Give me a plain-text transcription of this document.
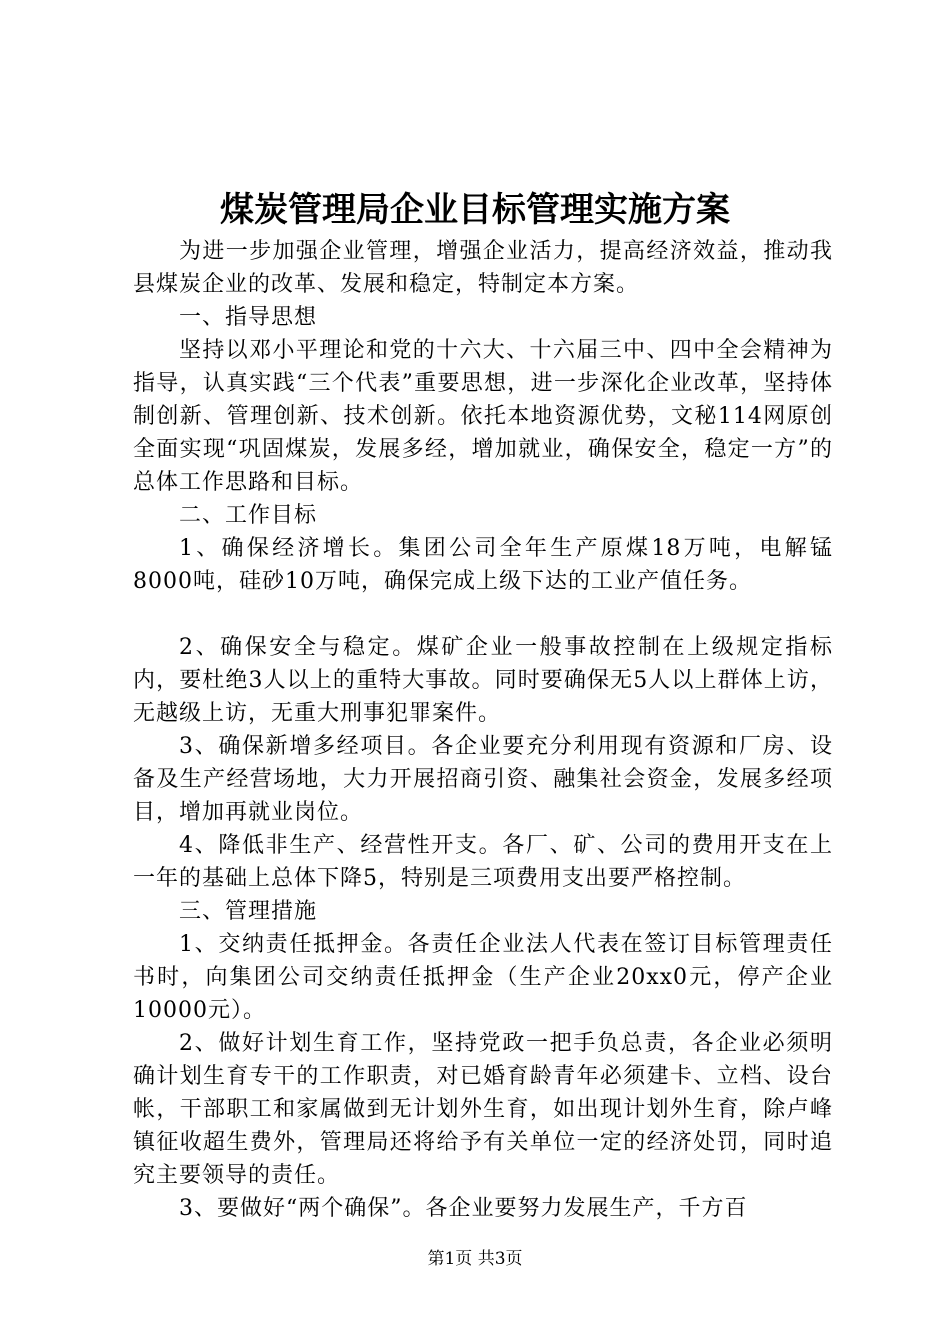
煤炭管理局企业目标管理实施方案

为进一步加强企业管理，增强企业活力，提高经济效益，推动我县煤炭企业的改革、发展和稳定，特制定本方案。

一、指导思想

坚持以邓小平理论和党的十六大、十六届三中、四中全会精神为指导，认真实践“三个代表”重要思想，进一步深化企业改革，坚持体制创新、管理创新、技术创新。依托本地资源优势，文秘114网原创全面实现“巩固煤炭，发展多经，增加就业，确保安全，稳定一方”的总体工作思路和目标。

二、工作目标

1、确保经济增长。集团公司全年生产原煤18万吨，电解锰8000吨，硅砂10万吨，确保完成上级下达的工业产值任务。

2、确保安全与稳定。煤矿企业一般事故控制在上级规定指标内，要杜绝3人以上的重特大事故。同时要确保无5人以上群体上访，无越级上访，无重大刑事犯罪案件。

3、确保新增多经项目。各企业要充分利用现有资源和厂房、设备及生产经营场地，大力开展招商引资、融集社会资金，发展多经项目，增加再就业岗位。

4、降低非生产、经营性开支。各厂、矿、公司的费用开支在上一年的基础上总体下降5，特别是三项费用支出要严格控制。

三、管理措施

1、交纳责任抵押金。各责任企业法人代表在签订目标管理责任书时，向集团公司交纳责任抵押金（生产企业20xx0元，停产企业10000元）。

2、做好计划生育工作，坚持党政一把手负总责，各企业必须明确计划生育专干的工作职责，对已婚育龄青年必须建卡、立档、设台帐，干部职工和家属做到无计划外生育，如出现计划外生育，除卢峰镇征收超生费外，管理局还将给予有关单位一定的经济处罚，同时追究主要领导的责任。

3、要做好“两个确保”。各企业要努力发展生产，千方百

第1页 共3页
